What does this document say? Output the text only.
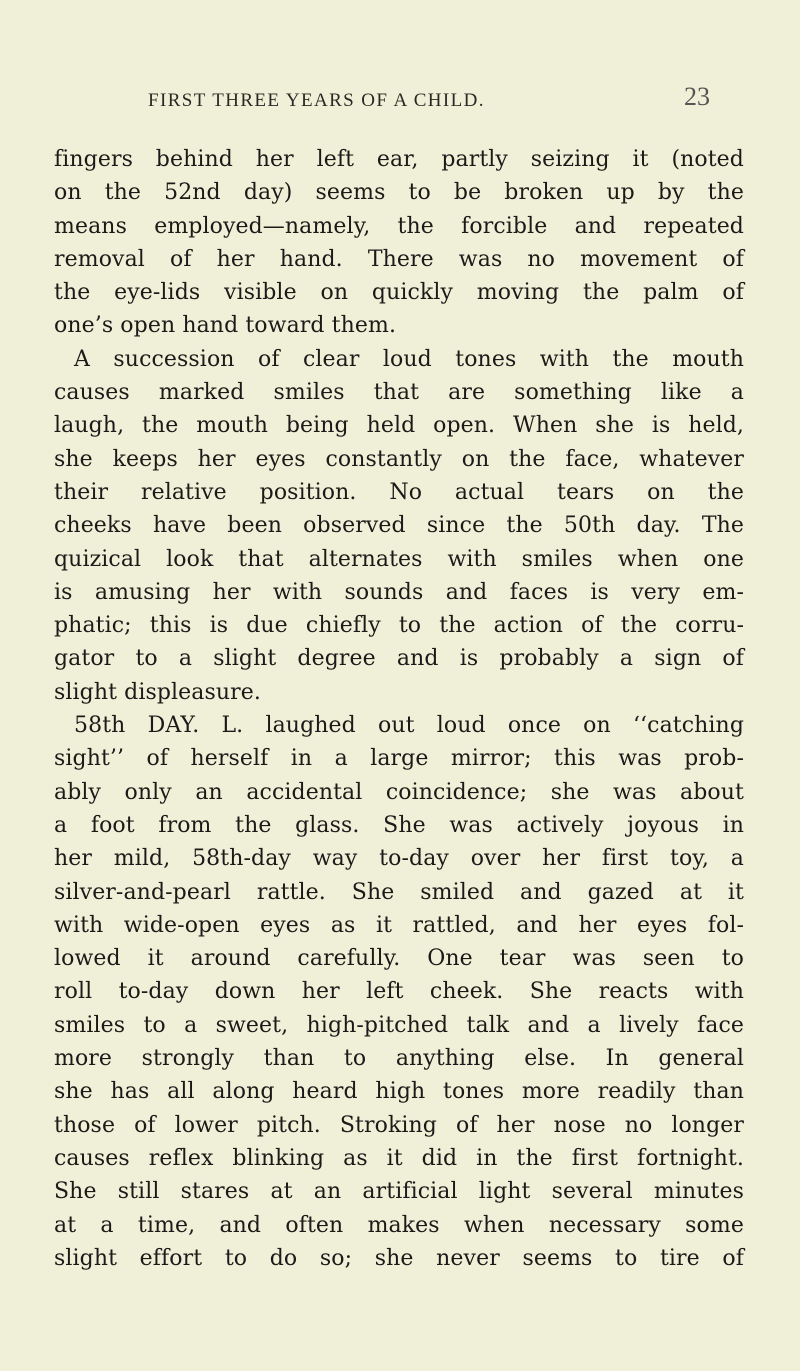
FIRST THREE YEARS OF A CHILD.	23
fingers behind her left ear, partly seizing it (noted
on the 52nd day) seems to be broken up by the
means employed—namely, the forcible and repeated
removal of her hand. There was no movement of
the eye-lids visible on quickly moving the palm of
one’s open hand toward them.
A succession of clear loud tones with the mouth
causes marked smiles that are something like a
laugh, the mouth being held open. When she is held,
she keeps her eyes constantly on the face, whatever
their relative position. No actual tears on the
cheeks have been observed since the 50th day. The
quizical look that alternates with smiles when one
is amusing her with sounds and faces is very em-
phatic; this is due chiefly to the action of the corru-
gator to a slight degree and is probably a sign of
slight displeasure.
58th DAY. L. laughed out loud once on ‘‘catching
sight’’ of herself in a large mirror; this was prob-
ably only an accidental coincidence; she was about
a foot from the glass. She was actively joyous in
her mild, 58th-day way to-day over her first toy, a
silver-and-pearl rattle. She smiled and gazed at it
with wide-open eyes as it rattled, and her eyes fol-
lowed it around carefully. One tear was seen to
roll to-day down her left cheek. She reacts with
smiles to a sweet, high-pitched talk and a lively face
more strongly than to anything else. In general
she has all along heard high tones more readily than
those of lower pitch. Stroking of her nose no longer
causes reflex blinking as it did in the first fortnight.
She still stares at an artificial light several minutes
at a time, and often makes when necessary some
slight effort to do so; she never seems to tire of
